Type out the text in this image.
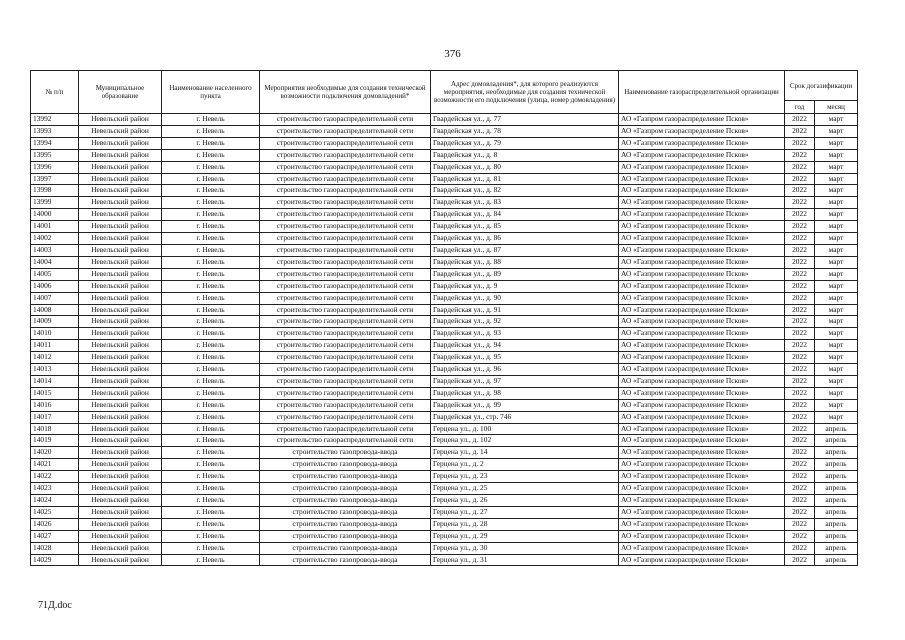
376
№ п/п	Муниципальное образование	Наименование населенного пункта	Мероприятия необходимые для создания технической возможности подключения домовладений*	Адрес домовладения*, для которого реализуются мероприятия, необходимые для создания технической возможности его подключения (улица, номер домовладения)	Наименование газораспределительной организации	Срок догазификации	
						год	месяц
13992	Невельский район	г. Невель	строительство газораспределительной сети	Гвардейская ул., д. 77	АО «Газпром газораспределение Псков»	2022	март
13993	Невельский район	г. Невель	строительство газораспределительной сети	Гвардейская ул., д. 78	АО «Газпром газораспределение Псков»	2022	март
13994	Невельский район	г. Невель	строительство газораспределительной сети	Гвардейская ул., д. 79	АО «Газпром газораспределение Псков»	2022	март
13995	Невельский район	г. Невель	строительство газораспределительной сети	Гвардейская ул., д. 8	АО «Газпром газораспределение Псков»	2022	март
13996	Невельский район	г. Невель	строительство газораспределительной сети	Гвардейская ул., д. 80	АО «Газпром газораспределение Псков»	2022	март
13997	Невельский район	г. Невель	строительство газораспределительной сети	Гвардейская ул., д. 81	АО «Газпром газораспределение Псков»	2022	март
13998	Невельский район	г. Невель	строительство газораспределительной сети	Гвардейская ул., д. 82	АО «Газпром газораспределение Псков»	2022	март
13999	Невельский район	г. Невель	строительство газораспределительной сети	Гвардейская ул., д. 83	АО «Газпром газораспределение Псков»	2022	март
14000	Невельский район	г. Невель	строительство газораспределительной сети	Гвардейская ул., д. 84	АО «Газпром газораспределение Псков»	2022	март
14001	Невельский район	г. Невель	строительство газораспределительной сети	Гвардейская ул., д. 85	АО «Газпром газораспределение Псков»	2022	март
14002	Невельский район	г. Невель	строительство газораспределительной сети	Гвардейская ул., д. 86	АО «Газпром газораспределение Псков»	2022	март
14003	Невельский район	г. Невель	строительство газораспределительной сети	Гвардейская ул., д. 87	АО «Газпром газораспределение Псков»	2022	март
14004	Невельский район	г. Невель	строительство газораспределительной сети	Гвардейская ул., д. 88	АО «Газпром газораспределение Псков»	2022	март
14005	Невельский район	г. Невель	строительство газораспределительной сети	Гвардейская ул., д. 89	АО «Газпром газораспределение Псков»	2022	март
14006	Невельский район	г. Невель	строительство газораспределительной сети	Гвардейская ул., д. 9	АО «Газпром газораспределение Псков»	2022	март
14007	Невельский район	г. Невель	строительство газораспределительной сети	Гвардейская ул., д. 90	АО «Газпром газораспределение Псков»	2022	март
14008	Невельский район	г. Невель	строительство газораспределительной сети	Гвардейская ул., д. 91	АО «Газпром газораспределение Псков»	2022	март
14009	Невельский район	г. Невель	строительство газораспределительной сети	Гвардейская ул., д. 92	АО «Газпром газораспределение Псков»	2022	март
14010	Невельский район	г. Невель	строительство газораспределительной сети	Гвардейская ул., д. 93	АО «Газпром газораспределение Псков»	2022	март
14011	Невельский район	г. Невель	строительство газораспределительной сети	Гвардейская ул., д. 94	АО «Газпром газораспределение Псков»	2022	март
14012	Невельский район	г. Невель	строительство газораспределительной сети	Гвардейская ул., д. 95	АО «Газпром газораспределение Псков»	2022	март
14013	Невельский район	г. Невель	строительство газораспределительной сети	Гвардейская ул., д. 96	АО «Газпром газораспределение Псков»	2022	март
14014	Невельский район	г. Невель	строительство газораспределительной сети	Гвардейская ул., д. 97	АО «Газпром газораспределение Псков»	2022	март
14015	Невельский район	г. Невель	строительство газораспределительной сети	Гвардейская ул., д. 98	АО «Газпром газораспределение Псков»	2022	март
14016	Невельский район	г. Невель	строительство газораспределительной сети	Гвардейская ул., д. 99	АО «Газпром газораспределение Псков»	2022	март
14017	Невельский район	г. Невель	строительство газораспределительной сети	Гвардейская ул., стр. 746	АО «Газпром газораспределение Псков»	2022	март
14018	Невельский район	г. Невель	строительство газораспределительной сети	Герцена ул., д. 100	АО «Газпром газораспределение Псков»	2022	апрель
14019	Невельский район	г. Невель	строительство газораспределительной сети	Герцена ул., д. 102	АО «Газпром газораспределение Псков»	2022	апрель
14020	Невельский район	г. Невель	строительство газопровода-ввода	Герцена ул., д. 14	АО «Газпром газораспределение Псков»	2022	апрель
14021	Невельский район	г. Невель	строительство газопровода-ввода	Герцена ул., д. 2	АО «Газпром газораспределение Псков»	2022	апрель
14022	Невельский район	г. Невель	строительство газопровода-ввода	Герцена ул., д. 23	АО «Газпром газораспределение Псков»	2022	апрель
14023	Невельский район	г. Невель	строительство газопровода-ввода	Герцена ул., д. 25	АО «Газпром газораспределение Псков»	2022	апрель
14024	Невельский район	г. Невель	строительство газопровода-ввода	Герцена ул., д. 26	АО «Газпром газораспределение Псков»	2022	апрель
14025	Невельский район	г. Невель	строительство газопровода-ввода	Герцена ул., д. 27	АО «Газпром газораспределение Псков»	2022	апрель
14026	Невельский район	г. Невель	строительство газопровода-ввода	Герцена ул., д. 28	АО «Газпром газораспределение Псков»	2022	апрель
14027	Невельский район	г. Невель	строительство газопровода-ввода	Герцена ул., д. 29	АО «Газпром газораспределение Псков»	2022	апрель
14028	Невельский район	г. Невель	строительство газопровода-ввода	Герцена ул., д. 30	АО «Газпром газораспределение Псков»	2022	апрель
14029	Невельский район	г. Невель	строительство газопровода-ввода	Герцена ул., д. 31	АО «Газпром газораспределение Псков»	2022	апрель
71Д.doc
